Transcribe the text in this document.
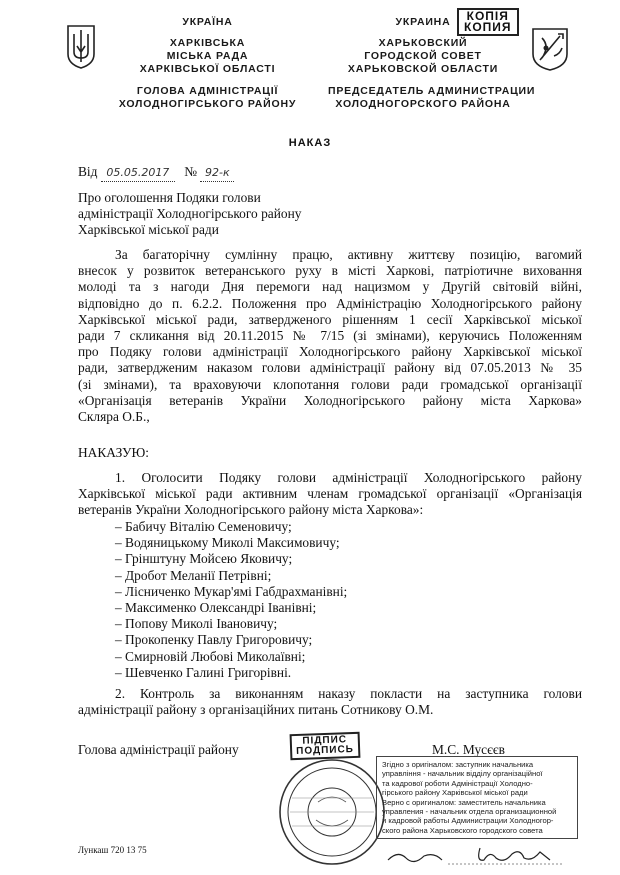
УКРАЇНА
ХАРКІВСЬКА
МІСЬКА РАДА
ХАРКІВСЬКОЇ ОБЛАСТІ
ГОЛОВА АДМІНІСТРАЦІЇ
ХОЛОДНОГІРСЬКОГО РАЙОНУ
УКРАИНА
ХАРЬКОВСКИЙ
ГОРОДСКОЙ СОВЕТ
ХАРЬКОВСКОЙ ОБЛАСТИ
ПРЕДСЕДАТЕЛЬ АДМИНИСТРАЦИИ
ХОЛОДНОГОРСКОГО РАЙОНА
КОПІЯ
КОПИЯ
НАКАЗ
Від 05.05.2017 № 92-к
Про оголошення Подяки голови
адміністрації Холодногірського району
Харківської міської ради
За багаторічну сумлінну працю, активну життєву позицію, вагомий
внесок у розвиток ветеранського руху в місті Харкові, патріотичне виховання
молоді та з нагоди Дня перемоги над нацизмом у Другій світовій війні,
відповідно до п. 6.2.2. Положення про Адміністрацію Холодногірського району
Харківської міської ради, затвердженого рішенням 1 сесії Харківської міської
ради 7 скликання від 20.11.2015 № 7/15 (зі змінами), керуючись Положенням
про Подяку голови адміністрації Холодногірського району Харківської міської
ради, затвердженим наказом голови адміністрації району від 07.05.2013 № 35
(зі змінами), та враховуючи клопотання голови ради громадської організації
«Організація ветеранів України Холодногірського району міста Харкова»
Скляра О.Б.,
НАКАЗУЮ:
1. Оголосити Подяку голови адміністрації Холодногірського району
Харківської міської ради активним членам громадської організації «Організація
ветеранів України Холодногірського району міста Харкова»:
– Бабичу Віталію Семеновичу;
– Водяницькому Миколі Максимовичу;
– Грінштуну Мойсею Яковичу;
– Дробот Меланії Петрівні;
– Лісниченко Мукар'ямі Габдрахманівні;
– Максименко Олександрі Іванівні;
– Попову Миколі Івановичу;
– Прокопенку Павлу Григоровичу;
– Смирновій Любові Миколаївні;
– Шевченко Галині Григорівні.
2. Контроль за виконанням наказу покласти на заступника голови
адміністрації району з організаційних питань Сотникову О.М.
Голова адміністрації району
ПІДПИС
ПОДПИСЬ	М.С. Мусєєв
Згідно з оригіналом: заступник начальника
управління - начальник відділу організаційної
та кадрової роботи Адміністрації Холодно-
гірського району Харківської міської ради
Верно с оригиналом: заместитель начальника
управления - начальник отдела организационной
и кадровой работы Администрации Холодногор-
ского района Харьковского городского совета
Лункаш 720 13 75
